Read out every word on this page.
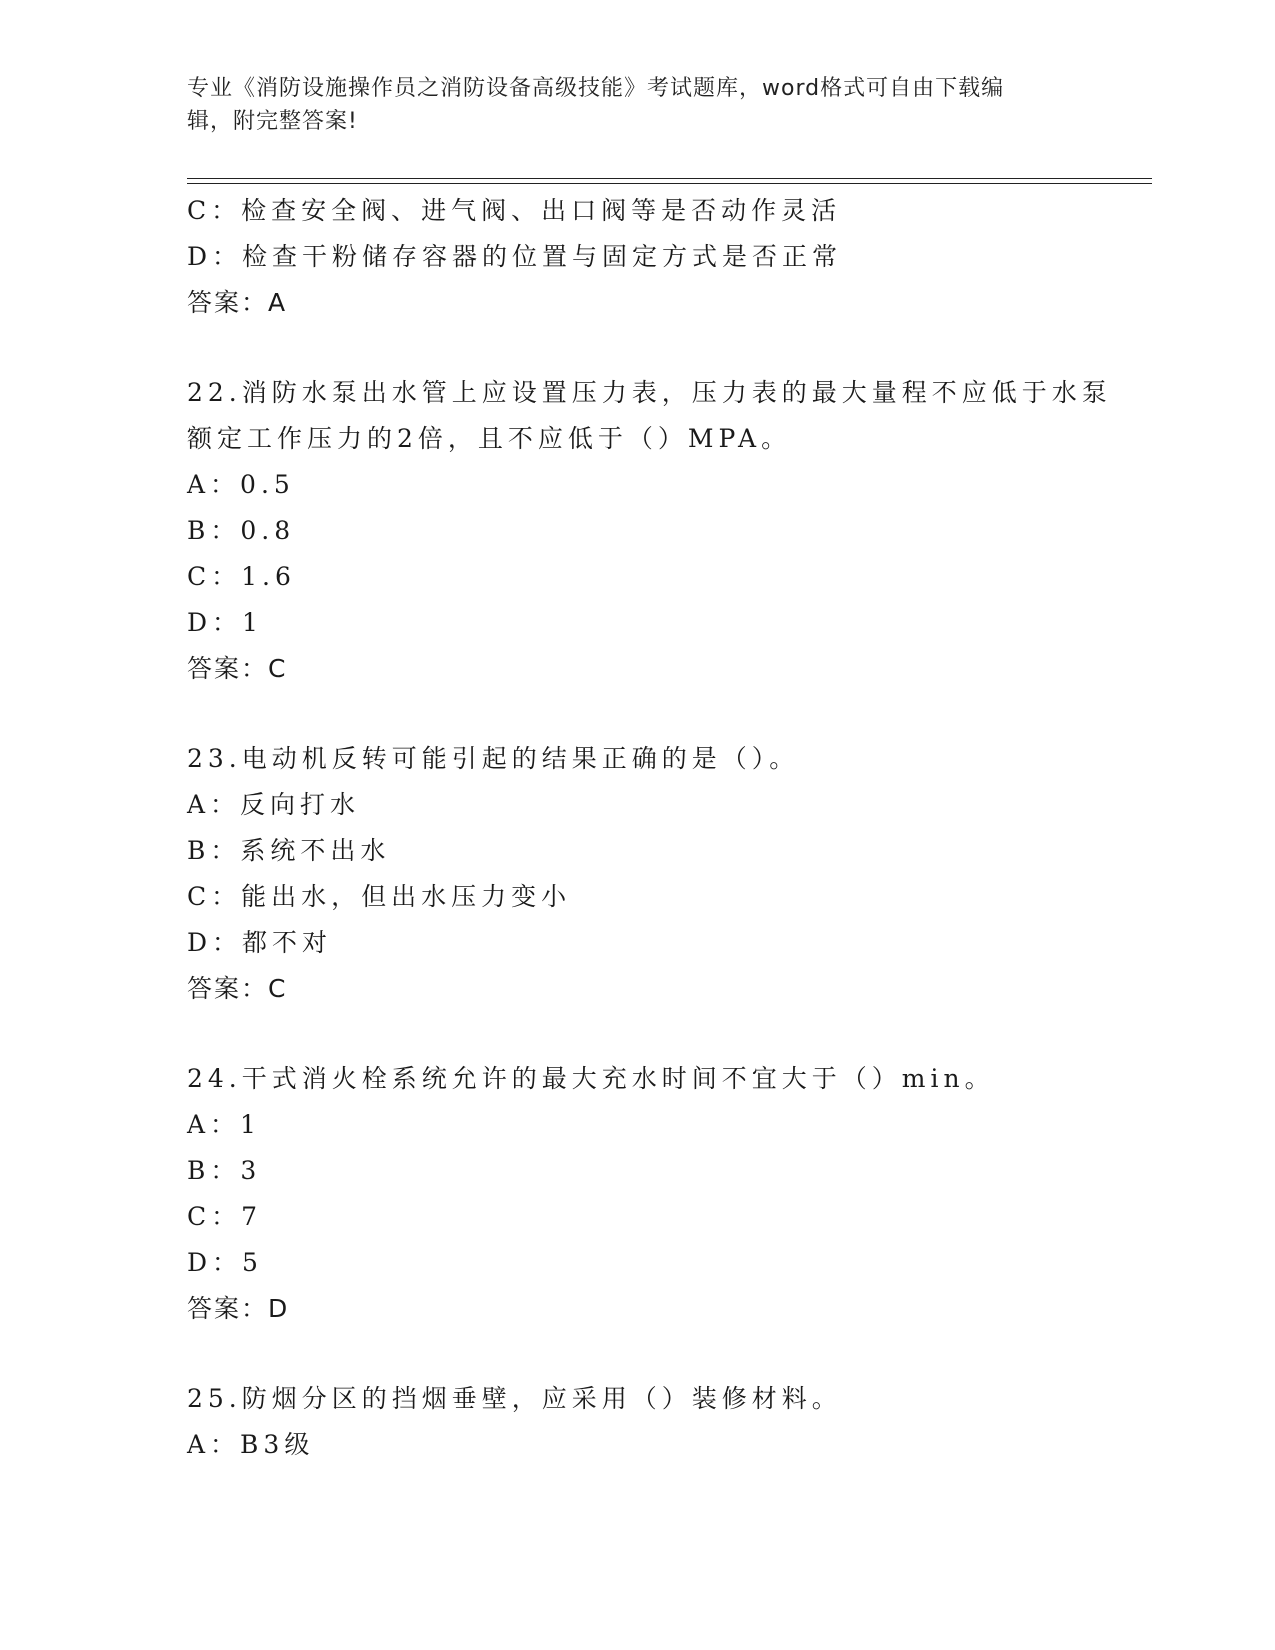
专业《消防设施操作员之消防设备高级技能》考试题库，word格式可自由下载编
辑，附完整答案!
C：检查安全阀、进气阀、出口阀等是否动作灵活
D：检查干粉储存容器的位置与固定方式是否正常
答案：A
22.消防水泵出水管上应设置压力表，压力表的最大量程不应低于水泵
额定工作压力的2倍，且不应低于（）MPA。
A：0.5
B：0.8
C：1.6
D：1
答案：C
23.电动机反转可能引起的结果正确的是（）。
A：反向打水
B：系统不出水
C：能出水，但出水压力变小
D：都不对
答案：C
24.干式消火栓系统允许的最大充水时间不宜大于（）min。
A：1
B：3
C：7
D：5
答案：D
25.防烟分区的挡烟垂壁，应采用（）装修材料。
A：B3级
